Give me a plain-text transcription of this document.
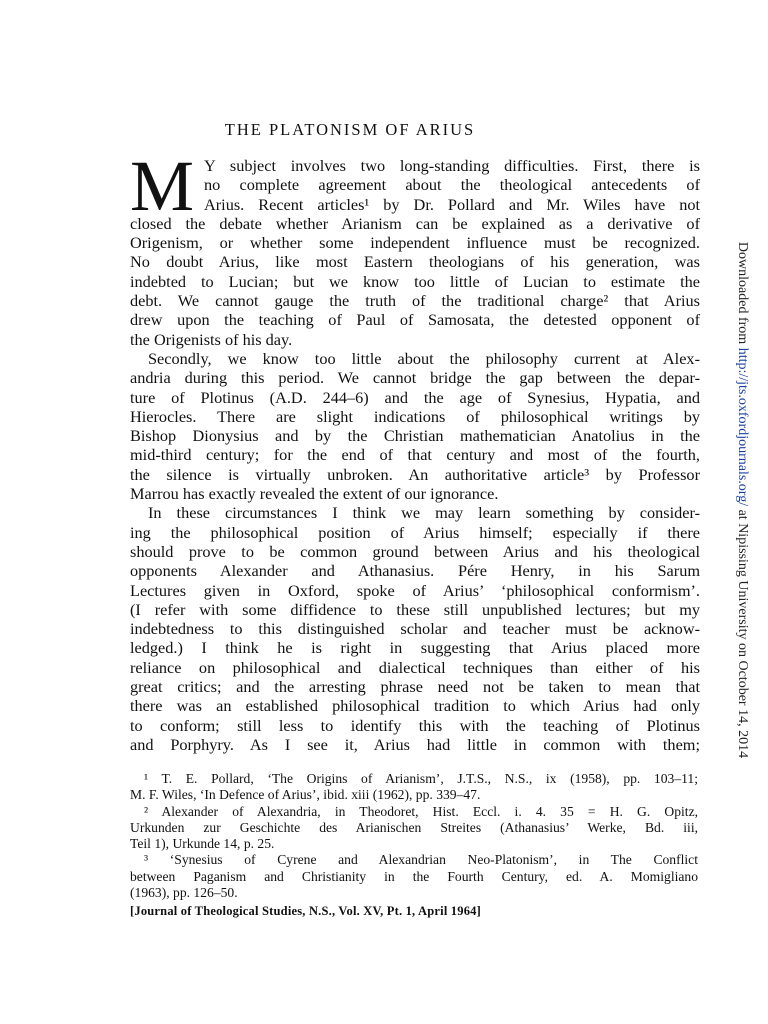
THE PLATONISM OF ARIUS
M Y subject involves two long-standing difficulties. First, there is
no complete agreement about the theological antecedents of
Arius. Recent articles¹ by Dr. Pollard and Mr. Wiles have not
closed the debate whether Arianism can be explained as a derivative of
Origenism, or whether some independent influence must be recognized.
No doubt Arius, like most Eastern theologians of his generation, was
indebted to Lucian; but we know too little of Lucian to estimate the
debt. We cannot gauge the truth of the traditional charge² that Arius
drew upon the teaching of Paul of Samosata, the detested opponent of
the Origenists of his day.
Secondly, we know too little about the philosophy current at Alex-
andria during this period. We cannot bridge the gap between the depar-
ture of Plotinus (A.D. 244–6) and the age of Synesius, Hypatia, and
Hierocles. There are slight indications of philosophical writings by
Bishop Dionysius and by the Christian mathematician Anatolius in the
mid-third century; for the end of that century and most of the fourth,
the silence is virtually unbroken. An authoritative article³ by Professor
Marrou has exactly revealed the extent of our ignorance.
In these circumstances I think we may learn something by consider-
ing the philosophical position of Arius himself; especially if there
should prove to be common ground between Arius and his theological
opponents Alexander and Athanasius. Pére Henry, in his Sarum
Lectures given in Oxford, spoke of Arius’ ‘philosophical conformism’.
(I refer with some diffidence to these still unpublished lectures; but my
indebtedness to this distinguished scholar and teacher must be acknow-
ledged.) I think he is right in suggesting that Arius placed more
reliance on philosophical and dialectical techniques than either of his
great critics; and the arresting phrase need not be taken to mean that
there was an established philosophical tradition to which Arius had only
to conform; still less to identify this with the teaching of Plotinus
and Porphyry. As I see it, Arius had little in common with them;
¹ T. E. Pollard, ‘The Origins of Arianism’, J.T.S., N.S., ix (1958), pp. 103–11;
M. F. Wiles, ‘In Defence of Arius’, ibid. xiii (1962), pp. 339–47.
² Alexander of Alexandria, in Theodoret, Hist. Eccl. i. 4. 35 = H. G. Opitz,
Urkunden zur Geschichte des Arianischen Streites (Athanasius’ Werke, Bd. iii,
Teil 1), Urkunde 14, p. 25.
³ ‘Synesius of Cyrene and Alexandrian Neo-Platonism’, in The Conflict
between Paganism and Christianity in the Fourth Century, ed. A. Momigliano
(1963), pp. 126–50.
[Journal of Theological Studies, N.S., Vol. XV, Pt. 1, April 1964]
Downloaded from http://jts.oxfordjournals.org/ at Nipissing University on October 14, 2014
